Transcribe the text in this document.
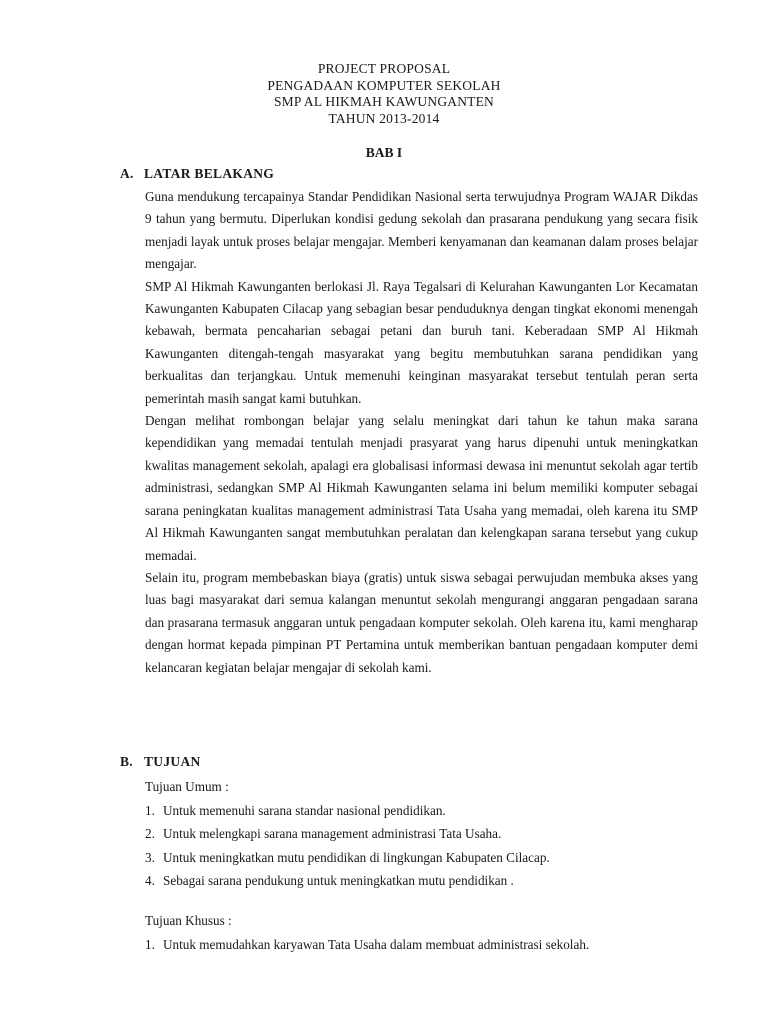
PROJECT PROPOSAL
PENGADAAN KOMPUTER SEKOLAH
SMP AL HIKMAH KAWUNGANTEN
TAHUN 2013-2014
BAB I
A. LATAR BELAKANG

Guna mendukung tercapainya Standar Pendidikan Nasional serta terwujudnya Program WAJAR Dikdas 9 tahun yang bermutu. Diperlukan kondisi gedung sekolah dan prasarana pendukung yang secara fisik menjadi layak untuk proses belajar mengajar. Memberi kenyamanan dan keamanan dalam proses belajar mengajar.

SMP Al Hikmah Kawunganten berlokasi Jl. Raya Tegalsari di Kelurahan Kawunganten Lor Kecamatan Kawunganten Kabupaten Cilacap yang sebagian besar penduduknya dengan tingkat ekonomi menengah kebawah, bermata pencaharian sebagai petani dan buruh tani. Keberadaan SMP Al Hikmah Kawunganten ditengah-tengah masyarakat yang begitu membutuhkan sarana pendidikan yang berkualitas dan terjangkau. Untuk memenuhi keinginan masyarakat tersebut tentulah peran serta pemerintah masih sangat kami butuhkan.

Dengan melihat rombongan belajar yang selalu meningkat dari tahun ke tahun maka sarana kependidikan yang memadai tentulah menjadi prasyarat yang harus dipenuhi untuk meningkatkan kwalitas management sekolah, apalagi era globalisasi informasi dewasa ini menuntut sekolah agar tertib administrasi, sedangkan SMP Al Hikmah Kawunganten selama ini belum memiliki komputer sebagai sarana peningkatan kualitas management administrasi Tata Usaha yang memadai, oleh karena itu SMP Al Hikmah Kawunganten sangat membutuhkan peralatan dan kelengkapan sarana tersebut yang cukup memadai.

Selain itu, program membebaskan biaya (gratis) untuk siswa sebagai perwujudan membuka akses yang luas bagi masyarakat dari semua kalangan menuntut sekolah mengurangi anggaran pengadaan sarana dan prasarana termasuk anggaran untuk pengadaan komputer sekolah. Oleh karena itu, kami mengharap dengan hormat kepada pimpinan PT Pertamina untuk memberikan bantuan pengadaan komputer demi kelancaran kegiatan belajar mengajar di sekolah kami.

B. TUJUAN

Tujuan Umum :

1. Untuk memenuhi sarana standar nasional pendidikan.

2. Untuk melengkapi sarana management administrasi Tata Usaha.

3. Untuk meningkatkan mutu pendidikan di lingkungan Kabupaten Cilacap.

4. Sebagai sarana pendukung untuk meningkatkan mutu pendidikan .

Tujuan Khusus :

1. Untuk memudahkan karyawan Tata Usaha dalam membuat administrasi sekolah.
